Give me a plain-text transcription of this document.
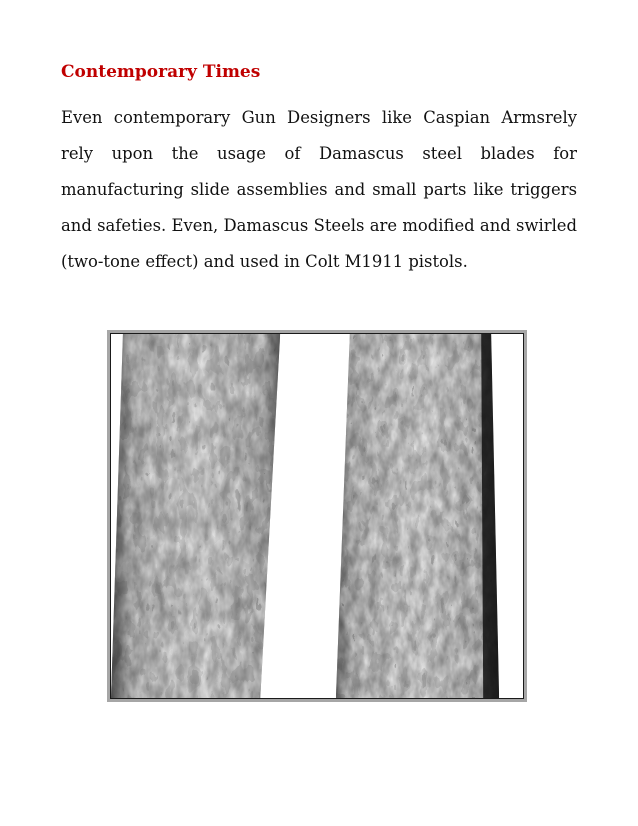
Contemporary Times

Even contemporary Gun Designers like Caspian Armsrely rely upon the usage of Damascus steel blades for manufacturing slide assemblies and small parts like triggers and safeties. Even, Damascus Steels are modified and swirled (two-tone effect) and used in Colt M1911 pistols.
